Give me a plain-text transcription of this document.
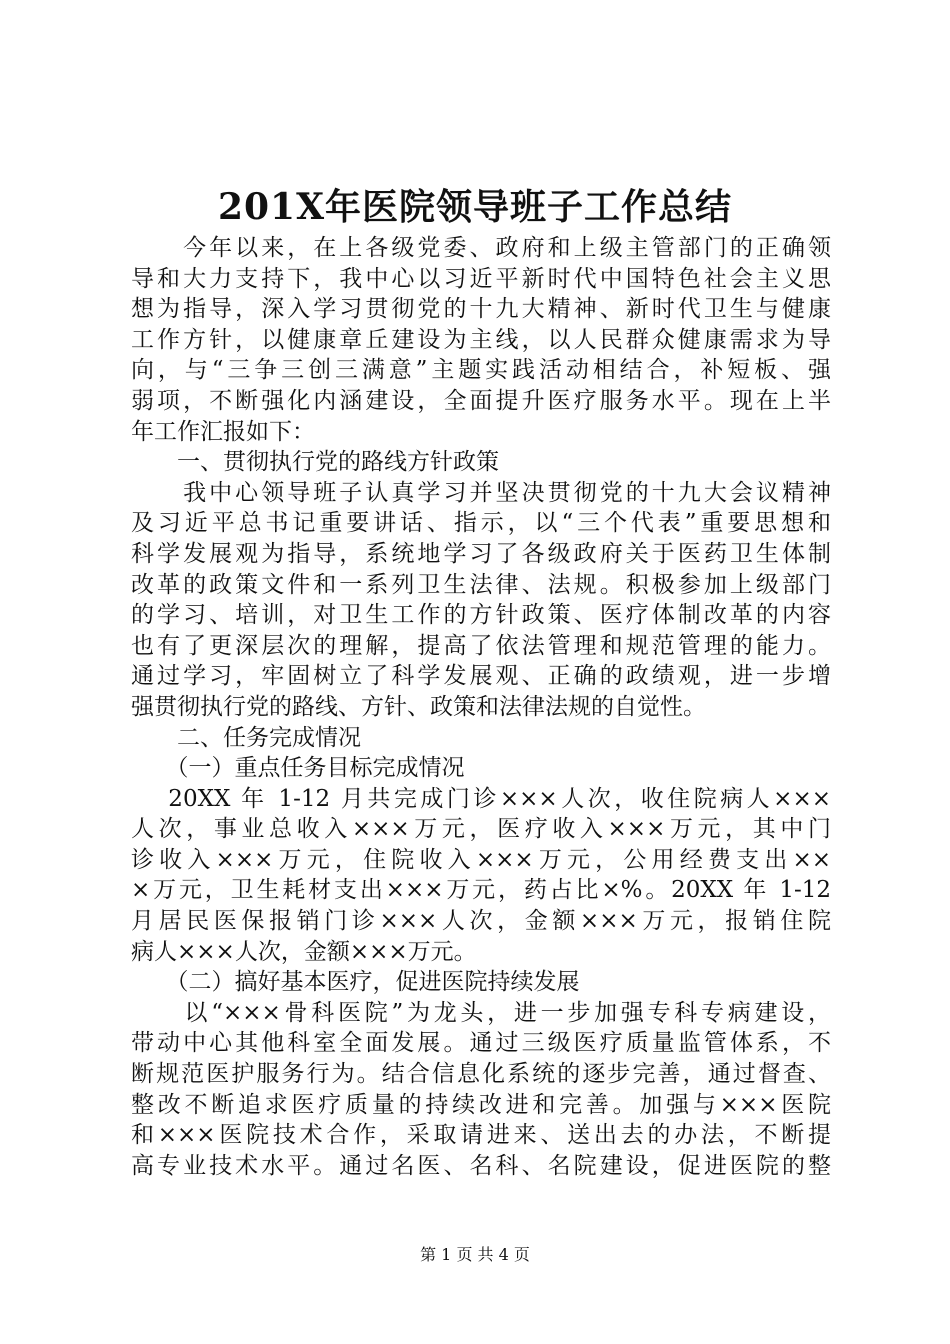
201X年医院领导班子工作总结
　　今年以来，在上各级党委、政府和上级主管部门的正确领
导和大力支持下，我中心以习近平新时代中国特色社会主义思
想为指导，深入学习贯彻党的十九大精神、新时代卫生与健康
工作方针，以健康章丘建设为主线，以人民群众健康需求为导
向，与“三争三创三满意”主题实践活动相结合，补短板、强
弱项，不断强化内涵建设，全面提升医疗服务水平。现在上半
年工作汇报如下：
　　一、贯彻执行党的路线方针政策
　　我中心领导班子认真学习并坚决贯彻党的十九大会议精神
及习近平总书记重要讲话、指示，以“三个代表”重要思想和
科学发展观为指导，系统地学习了各级政府关于医药卫生体制
改革的政策文件和一系列卫生法律、法规。积极参加上级部门
的学习、培训，对卫生工作的方针政策、医疗体制改革的内容
也有了更深层次的理解，提高了依法管理和规范管理的能力。
通过学习，牢固树立了科学发展观、正确的政绩观，进一步增
强贯彻执行党的路线、方针、政策和法律法规的自觉性。
　　二、任务完成情况
　　（一）重点任务目标完成情况
　 20XX 年 1-12 月共完成门诊×××人次，收住院病人×××
人次，事业总收入×××万元，医疗收入×××万元，其中门
诊收入×××万元，住院收入×××万元，公用经费支出××
×万元，卫生耗材支出×××万元，药占比×%。20XX 年 1-12
月居民医保报销门诊×××人次，金额×××万元，报销住院
病人×××人次，金额×××万元。
　　（二）搞好基本医疗，促进医院持续发展
　　以“×××骨科医院”为龙头，进一步加强专科专病建设，
带动中心其他科室全面发展。通过三级医疗质量监管体系，不
断规范医护服务行为。结合信息化系统的逐步完善，通过督查、
整改不断追求医疗质量的持续改进和完善。加强与×××医院
和×××医院技术合作，采取请进来、送出去的办法，不断提
高专业技术水平。通过名医、名科、名院建设，促进医院的整
第 1 页 共 4 页
